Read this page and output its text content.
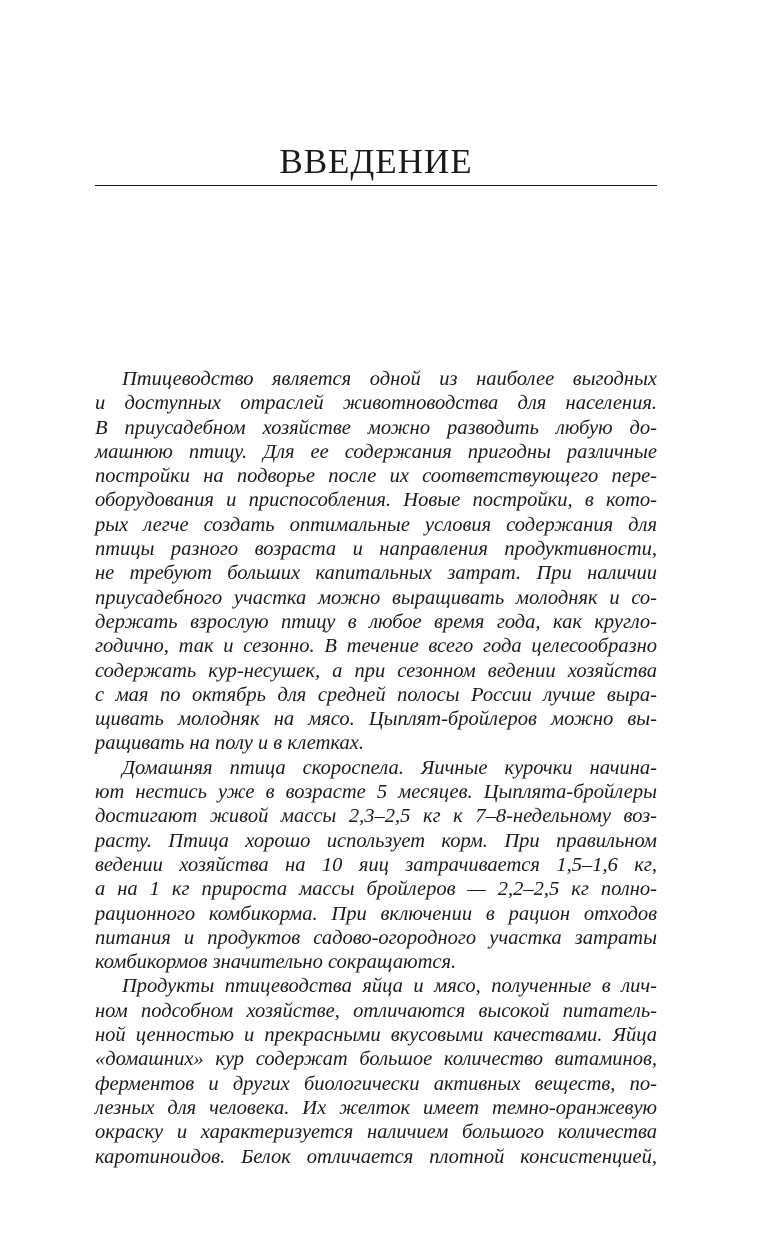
ВВЕДЕНИЕ
Птицеводство является одной из наиболее выгодных
и доступных отраслей животноводства для населения.
В приусадебном хозяйстве можно разводить любую до-
машнюю птицу. Для ее содержания пригодны различные
постройки на подворье после их соответствующего пере-
оборудования и приспособления. Новые постройки, в кото-
рых легче создать оптимальные условия содержания для
птицы разного возраста и направления продуктивности,
не требуют больших капитальных затрат. При наличии
приусадебного участка можно выращивать молодняк и со-
держать взрослую птицу в любое время года, как кругло-
годично, так и сезонно. В течение всего года целесообразно
содержать кур-несушек, а при сезонном ведении хозяйства
с мая по октябрь для средней полосы России лучше выра-
щивать молодняк на мясо. Цыплят-бройлеров можно вы-
ращивать на полу и в клетках.
Домашняя птица скороспела. Яичные курочки начина-
ют нестись уже в возрасте 5 месяцев. Цыплята-бройлеры
достигают живой массы 2,3–2,5 кг к 7–8-недельному воз-
расту. Птица хорошо использует корм. При правильном
ведении хозяйства на 10 яиц затрачивается 1,5–1,6 кг,
а на 1 кг прироста массы бройлеров — 2,2–2,5 кг полно-
рационного комбикорма. При включении в рацион отходов
питания и продуктов садово-огородного участка затраты
комбикормов значительно сокращаются.
Продукты птицеводства яйца и мясо, полученные в лич-
ном подсобном хозяйстве, отличаются высокой питатель-
ной ценностью и прекрасными вкусовыми качествами. Яйца
«домашних» кур содержат большое количество витаминов,
ферментов и других биологически активных веществ, по-
лезных для человека. Их желток имеет темно-оранжевую
окраску и характеризуется наличием большого количества
каротиноидов. Белок отличается плотной консистенцией,
